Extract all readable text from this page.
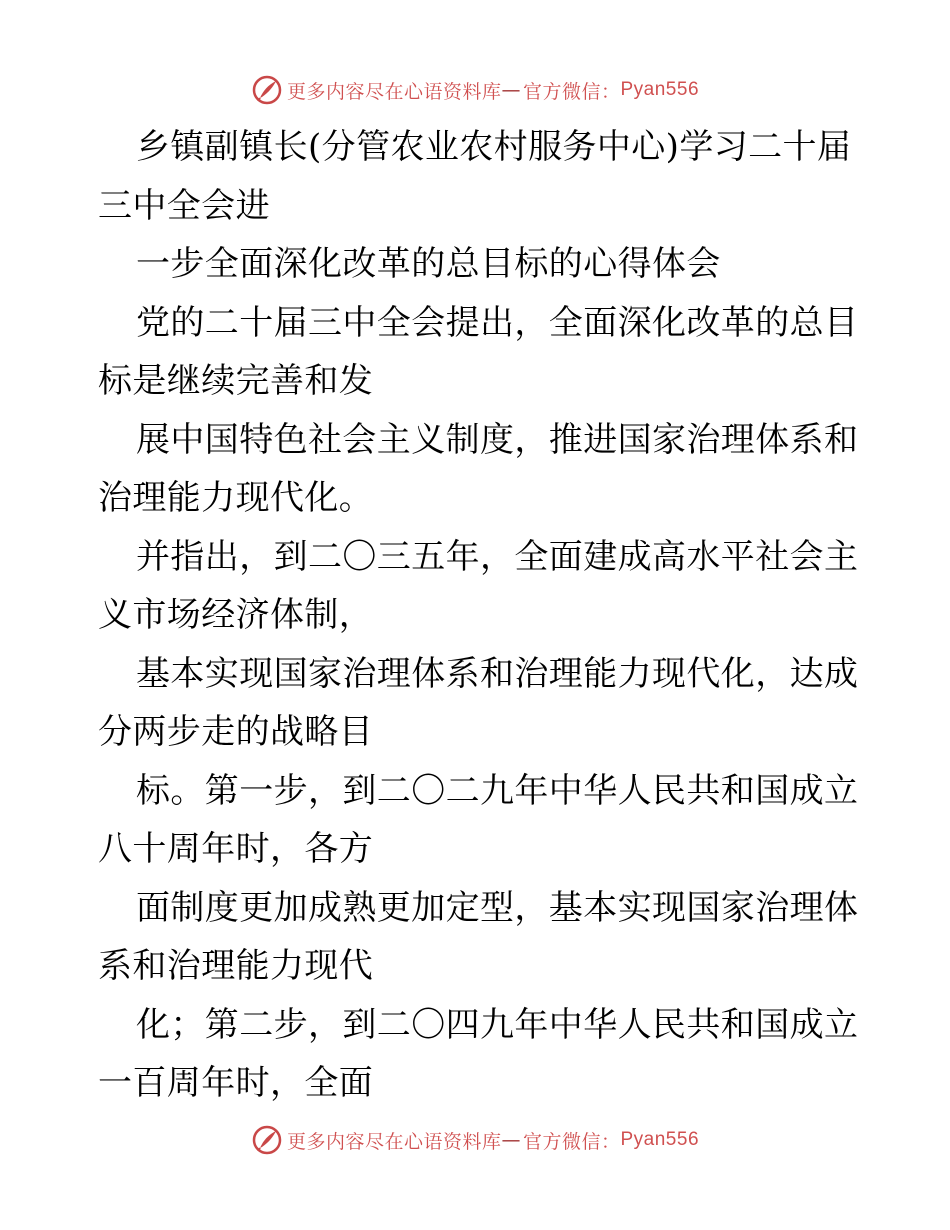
更多内容尽在心语资料库 — 官方微信： Pyan556
乡镇副镇长(分管农业农村服务中心)学习二十届
三中全会进
一步全面深化改革的总目标的心得体会
党的二十届三中全会提出，全面深化改革的总目
标是继续完善和发
展中国特色社会主义制度，推进国家治理体系和
治理能力现代化。
并指出，到二〇三五年，全面建成高水平社会主
义市场经济体制，
基本实现国家治理体系和治理能力现代化，达成
分两步走的战略目
标。第一步，到二〇二九年中华人民共和国成立
八十周年时，各方
面制度更加成熟更加定型，基本实现国家治理体
系和治理能力现代
化；第二步，到二〇四九年中华人民共和国成立
一百周年时，全面
更多内容尽在心语资料库 — 官方微信： Pyan556
